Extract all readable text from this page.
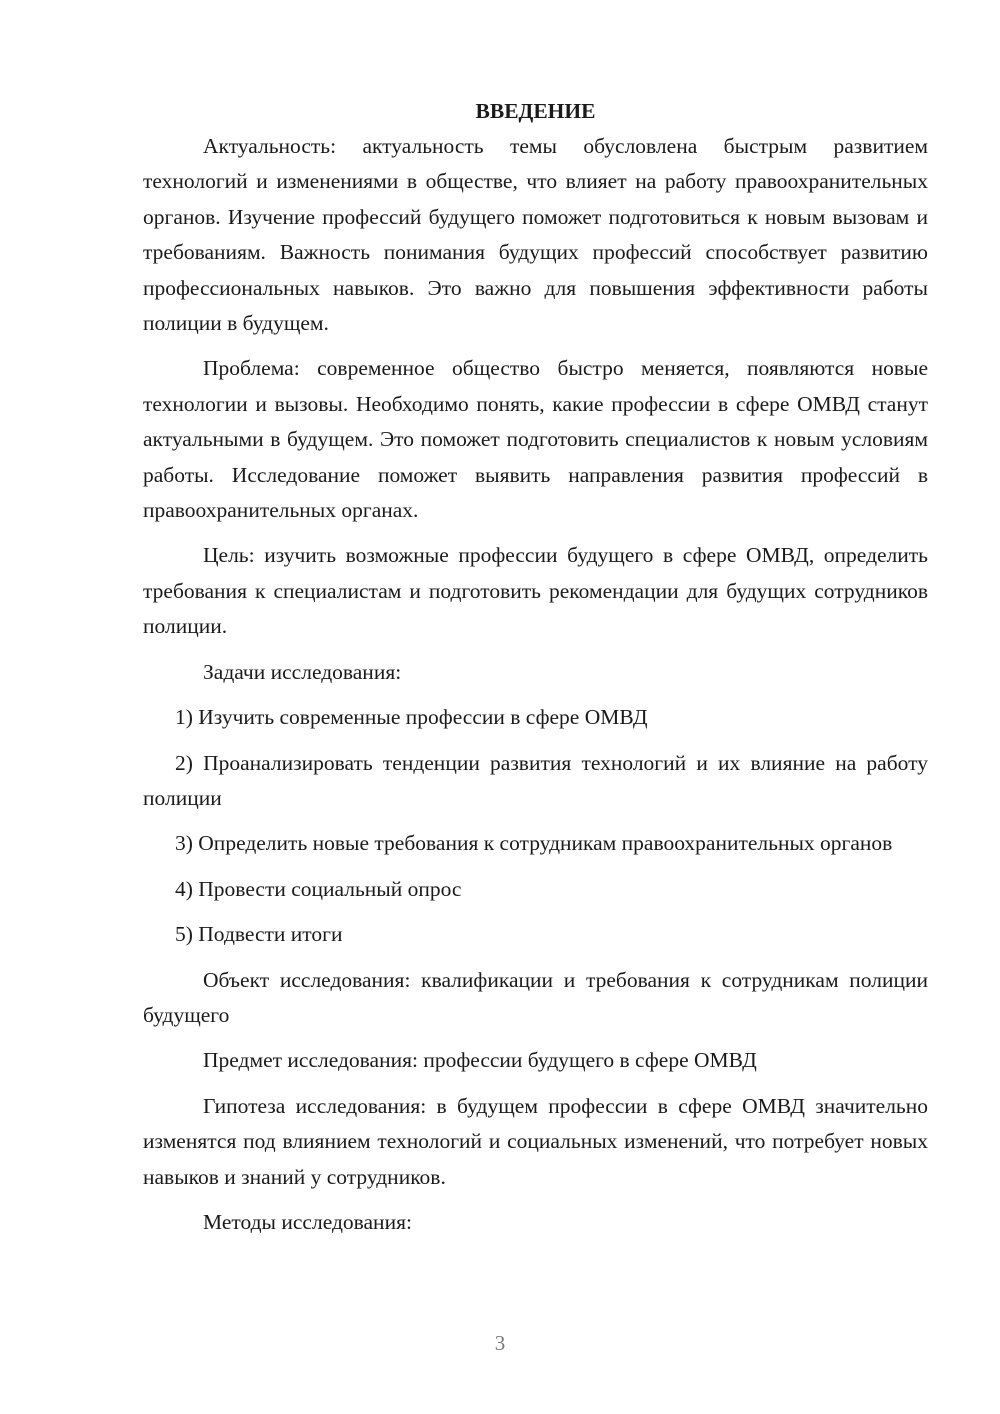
ВВЕДЕНИЕ

Актуальность: актуальность темы обусловлена быстрым развитием технологий и изменениями в обществе, что влияет на работу правоохранительных органов. Изучение профессий будущего поможет подготовиться к новым вызовам и требованиям. Важность понимания будущих профессий способствует развитию профессиональных навыков. Это важно для повышения эффективности работы полиции в будущем.

Проблема: современное общество быстро меняется, появляются новые технологии и вызовы. Необходимо понять, какие профессии в сфере ОМВД станут актуальными в будущем. Это поможет подготовить специалистов к новым условиям работы. Исследование поможет выявить направления развития профессий в правоохранительных органах.

Цель: изучить возможные профессии будущего в сфере ОМВД, определить требования к специалистам и подготовить рекомендации для будущих сотрудников полиции.

Задачи исследования:

1) Изучить современные профессии в сфере ОМВД

2) Проанализировать тенденции развития технологий и их влияние на работу полиции

3) Определить новые требования к сотрудникам правоохранительных органов

4) Провести социальный опрос

5) Подвести итоги

Объект исследования: квалификации и требования к сотрудникам полиции будущего

Предмет исследования: профессии будущего в сфере ОМВД

Гипотеза исследования: в будущем профессии в сфере ОМВД значительно изменятся под влиянием технологий и социальных изменений, что потребует новых навыков и знаний у сотрудников.

Методы исследования:

3
